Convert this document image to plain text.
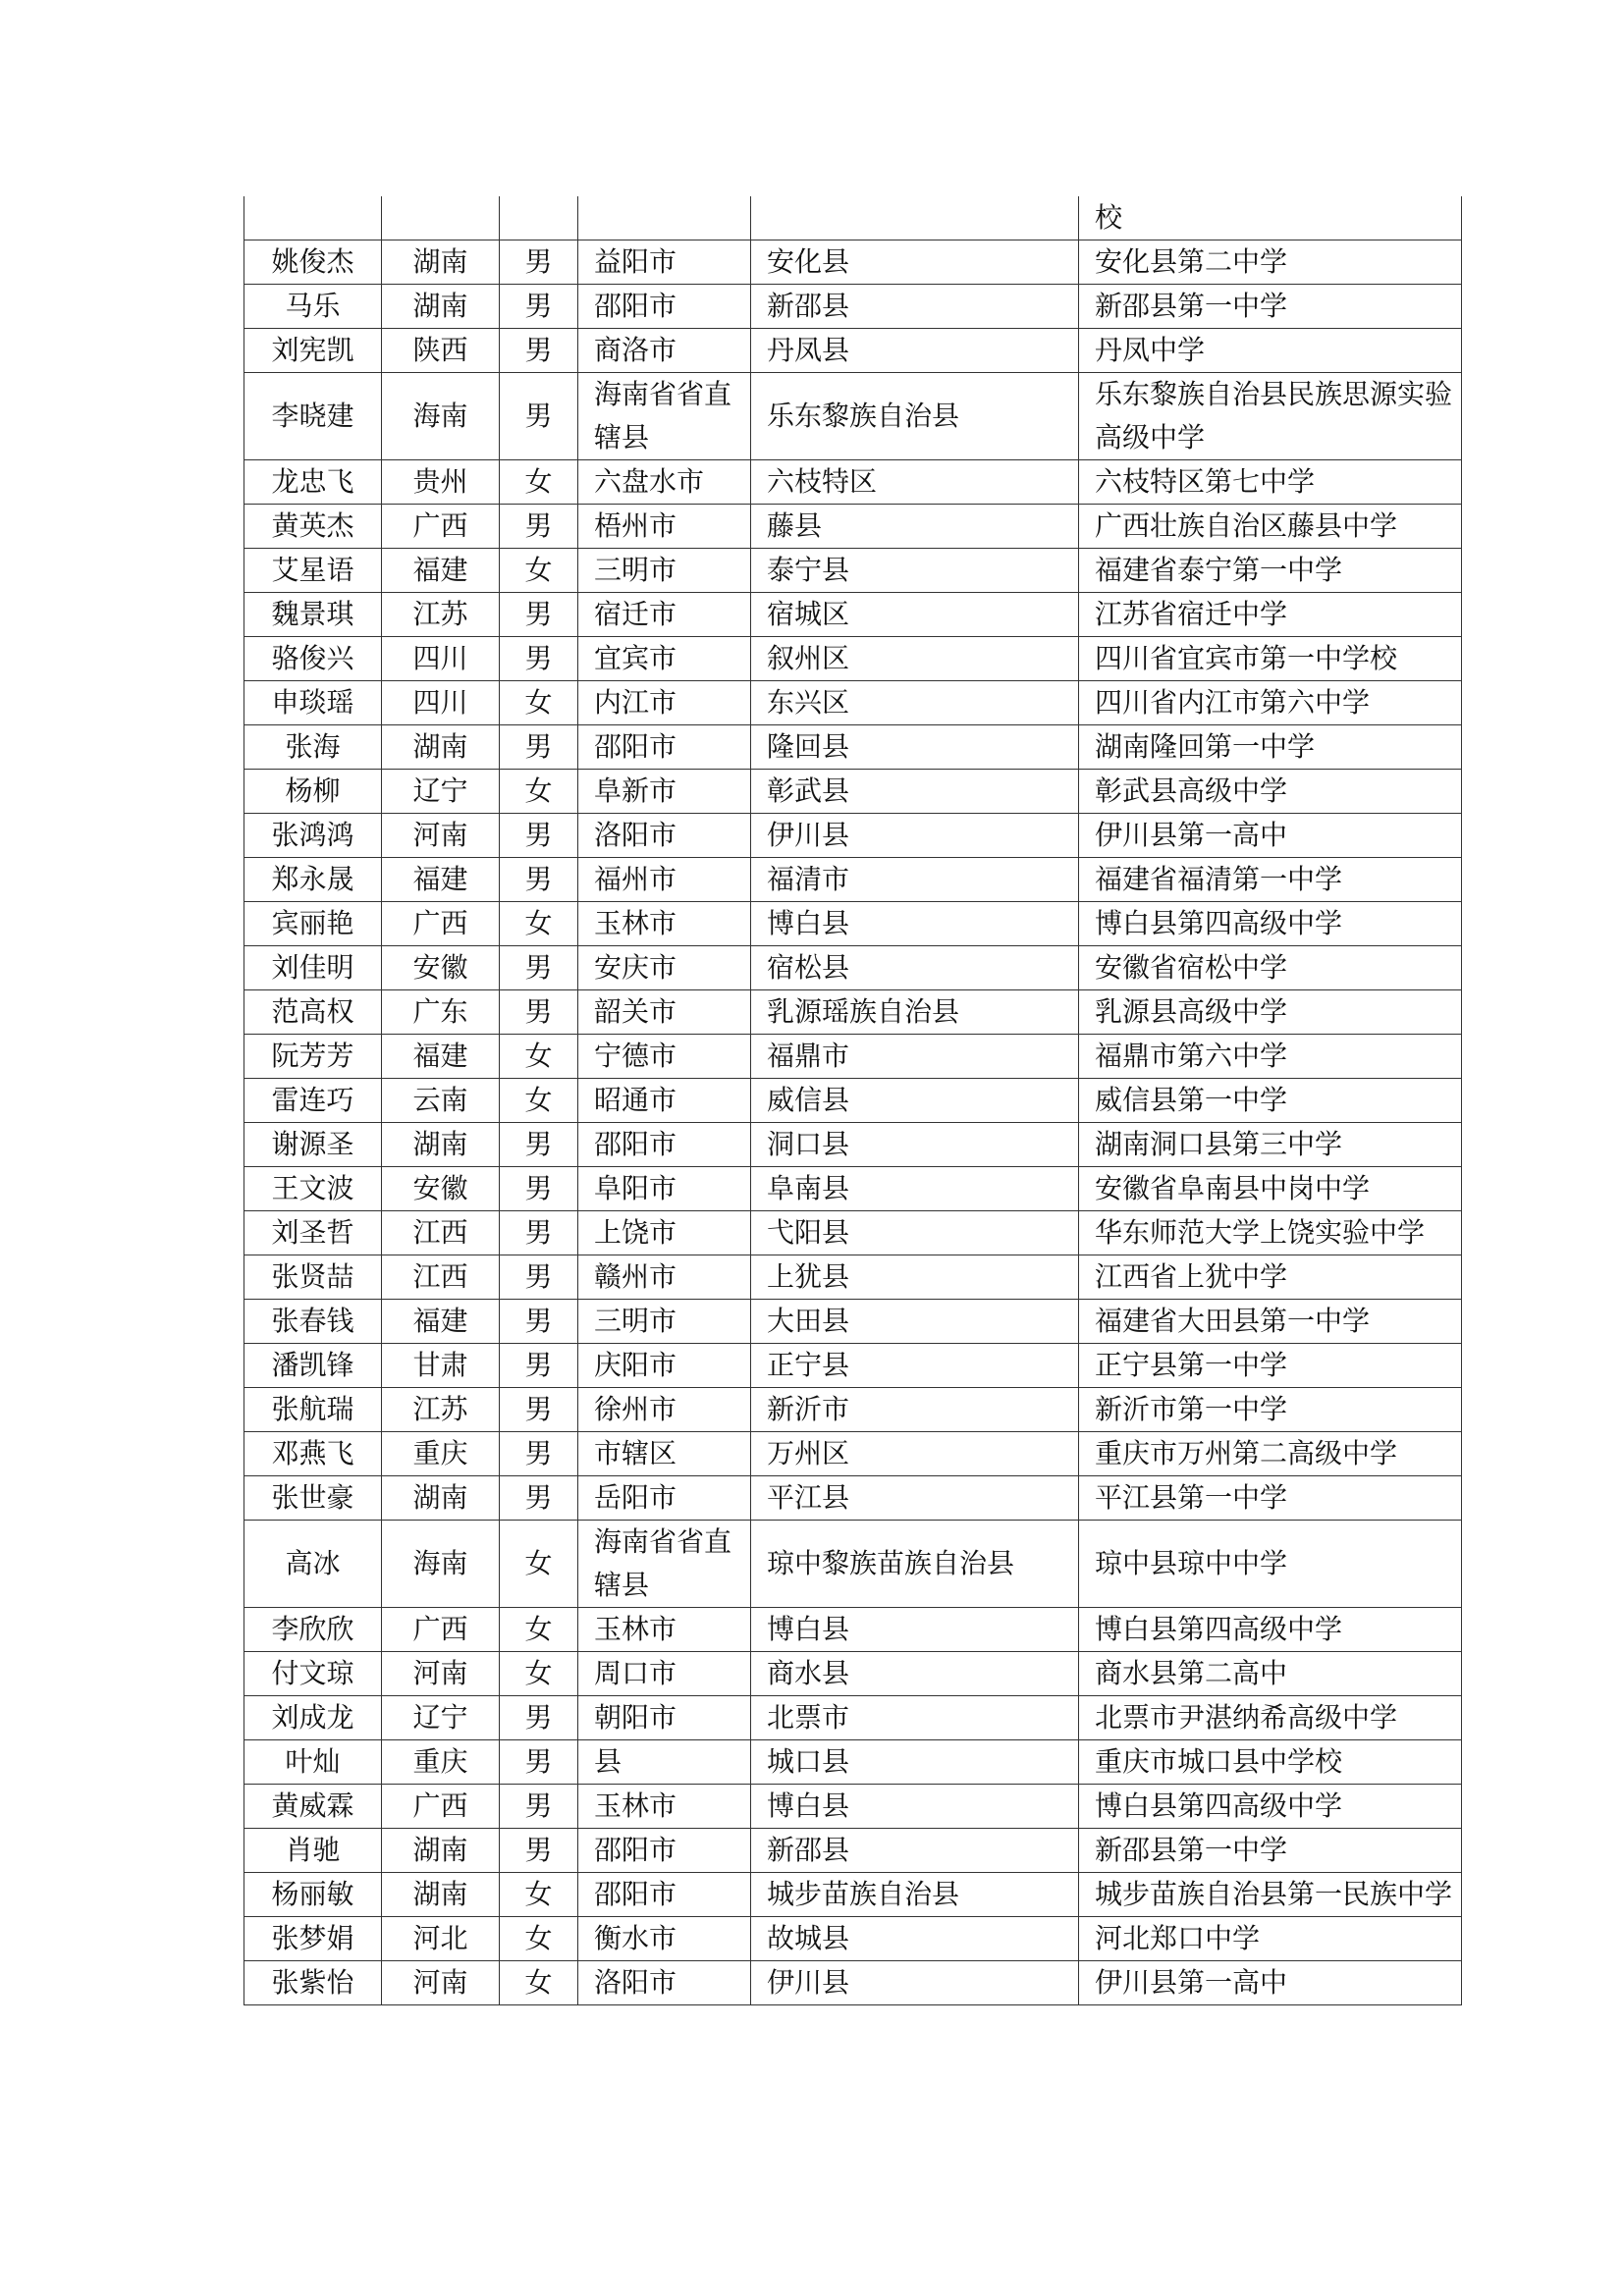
					校
姚俊杰	湖南	男	益阳市	安化县	安化县第二中学
马乐	湖南	男	邵阳市	新邵县	新邵县第一中学
刘宪凯	陕西	男	商洛市	丹凤县	丹凤中学
李晓建	海南	男	海南省省直辖县	乐东黎族自治县	乐东黎族自治县民族思源实验高级中学
龙忠飞	贵州	女	六盘水市	六枝特区	六枝特区第七中学
黄英杰	广西	男	梧州市	藤县	广西壮族自治区藤县中学
艾星语	福建	女	三明市	泰宁县	福建省泰宁第一中学
魏景琪	江苏	男	宿迁市	宿城区	江苏省宿迁中学
骆俊兴	四川	男	宜宾市	叙州区	四川省宜宾市第一中学校
申琰瑶	四川	女	内江市	东兴区	四川省内江市第六中学
张海	湖南	男	邵阳市	隆回县	湖南隆回第一中学
杨柳	辽宁	女	阜新市	彰武县	彰武县高级中学
张鸿鸿	河南	男	洛阳市	伊川县	伊川县第一高中
郑永晟	福建	男	福州市	福清市	福建省福清第一中学
宾丽艳	广西	女	玉林市	博白县	博白县第四高级中学
刘佳明	安徽	男	安庆市	宿松县	安徽省宿松中学
范高权	广东	男	韶关市	乳源瑶族自治县	乳源县高级中学
阮芳芳	福建	女	宁德市	福鼎市	福鼎市第六中学
雷连巧	云南	女	昭通市	威信县	威信县第一中学
谢源圣	湖南	男	邵阳市	洞口县	湖南洞口县第三中学
王文波	安徽	男	阜阳市	阜南县	安徽省阜南县中岗中学
刘圣哲	江西	男	上饶市	弋阳县	华东师范大学上饶实验中学
张贤喆	江西	男	赣州市	上犹县	江西省上犹中学
张春钱	福建	男	三明市	大田县	福建省大田县第一中学
潘凯锋	甘肃	男	庆阳市	正宁县	正宁县第一中学
张航瑞	江苏	男	徐州市	新沂市	新沂市第一中学
邓燕飞	重庆	男	市辖区	万州区	重庆市万州第二高级中学
张世豪	湖南	男	岳阳市	平江县	平江县第一中学
高冰	海南	女	海南省省直辖县	琼中黎族苗族自治县	琼中县琼中中学
李欣欣	广西	女	玉林市	博白县	博白县第四高级中学
付文琼	河南	女	周口市	商水县	商水县第二高中
刘成龙	辽宁	男	朝阳市	北票市	北票市尹湛纳希高级中学
叶灿	重庆	男	县	城口县	重庆市城口县中学校
黄威霖	广西	男	玉林市	博白县	博白县第四高级中学
肖驰	湖南	男	邵阳市	新邵县	新邵县第一中学
杨丽敏	湖南	女	邵阳市	城步苗族自治县	城步苗族自治县第一民族中学
张梦娟	河北	女	衡水市	故城县	河北郑口中学
张紫怡	河南	女	洛阳市	伊川县	伊川县第一高中
